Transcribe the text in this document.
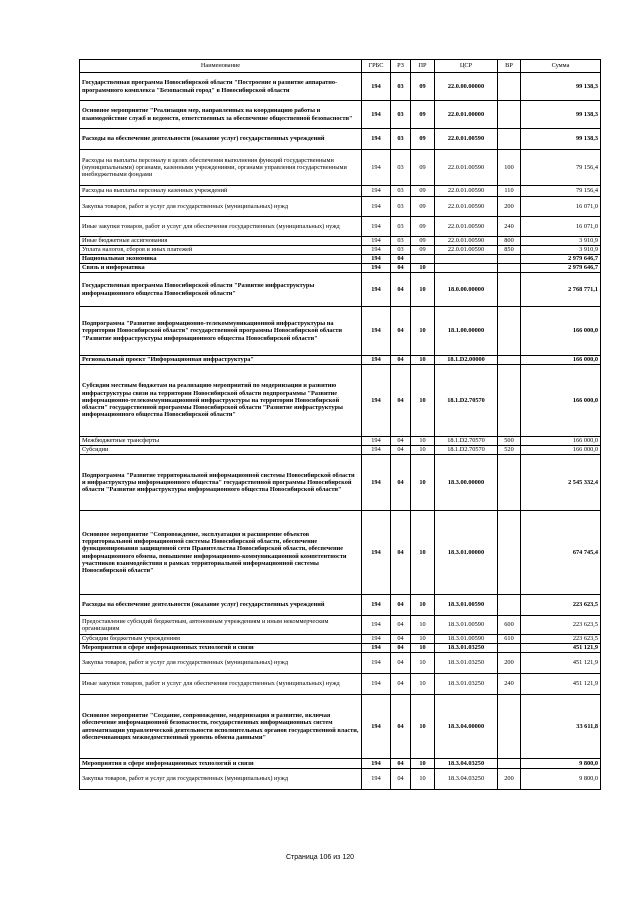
Наименование	ГРБС	РЗ	ПР	ЦСР	ВР	Сумма
Государственная программа Новосибирской области "Построение и развитие аппаратно-программного комплекса "Безопасный город" в Новосибирской области	194	03	09	22.0.00.00000		99 138,3
Основное мероприятие "Реализация мер, направленных на координацию работы и взаимодействие служб и ведомств, ответственных за обеспечение общественной безопасности"	194	03	09	22.0.01.00000		99 138,3
Расходы на обеспечение деятельности (оказание услуг) государственных учреждений	194	03	09	22.0.01.00590		99 138,3
Расходы на выплаты персоналу в целях обеспечения выполнения функций государственными (муниципальными) органами, казенными учреждениями, органами управления государственными внебюджетными фондами	194	03	09	22.0.01.00590	100	79 156,4
Расходы на выплаты персоналу казенных учреждений	194	03	09	22.0.01.00590	110	79 156,4
Закупка товаров, работ и услуг для государственных (муниципальных) нужд	194	03	09	22.0.01.00590	200	16 071,0
Иные закупки товаров, работ и услуг для обеспечения государственных (муниципальных) нужд	194	03	09	22.0.01.00590	240	16 071,0
Иные бюджетные ассигнования	194	03	09	22.0.01.00590	800	3 910,9
Уплата налогов, сборов и иных платежей	194	03	09	22.0.01.00590	850	3 910,9
Национальная экономика	194	04				2 979 646,7
Связь и информатика	194	04	10			2 979 646,7
Государственная программа Новосибирской области "Развитие инфраструктуры информационного общества Новосибирской области"	194	04	10	18.0.00.00000		2 768 771,1
Подпрограмма "Развитие информационно-телекоммуникационной инфраструктуры на территории Новосибирской области" государственной программы Новосибирской области "Развитие инфраструктуры информационного общества Новосибирской области"	194	04	10	18.1.00.00000		166 000,0
Региональный проект "Информационная инфраструктура"	194	04	10	18.1.D2.00000		166 000,0
Субсидии местным бюджетам на реализацию мероприятий по модернизации и развитию инфраструктуры связи на территории Новосибирской области подпрограммы "Развитие информационно-телекоммуникационной инфраструктуры на территории Новосибирской области" государственной программы Новосибирской области "Развитие инфраструктуры информационного общества Новосибирской области"	194	04	10	18.1.D2.70570		166 000,0
Межбюджетные трансферты	194	04	10	18.1.D2.70570	500	166 000,0
Субсидии	194	04	10	18.1.D2.70570	520	166 000,0
Подпрограмма "Развитие территориальной информационной системы Новосибирской области и инфраструктуры информационного общества" государственной программы Новосибирской области "Развитие инфраструктуры информационного общества Новосибирской области"	194	04	10	18.3.00.00000		2 545 332,4
Основное мероприятие "Сопровождение, эксплуатация и расширение объектов территориальной информационной системы Новосибирской области, обеспечение функционирования защищенной сети Правительства Новосибирской области, обеспечение информационного обмена, повышение информационно-коммуникационной компетентности участников взаимодействия в рамках территориальной информационной системы Новосибирской области"	194	04	10	18.3.01.00000		674 745,4
Расходы на обеспечение деятельности (оказание услуг) государственных учреждений	194	04	10	18.3.01.00590		223 623,5
Предоставление субсидий бюджетным, автономным учреждениям и иным некоммерческим организациям	194	04	10	18.3.01.00590	600	223 623,5
Субсидии бюджетным учреждениям	194	04	10	18.3.01.00590	610	223 623,5
Мероприятия в сфере информационных технологий и связи	194	04	10	18.3.01.03250		451 121,9
Закупка товаров, работ и услуг для государственных (муниципальных) нужд	194	04	10	18.3.01.03250	200	451 121,9
Иные закупки товаров, работ и услуг для обеспечения государственных (муниципальных) нужд	194	04	10	18.3.01.03250	240	451 121,9
Основное мероприятие "Создание, сопровождение, модернизация и развитие, включая обеспечение информационной безопасности, государственных информационных систем автоматизации управленческой деятельности исполнительных органов государственной власти, обеспечивающих межведомственный уровень обмена данными"	194	04	10	18.3.04.00000		33 611,8
Мероприятия в сфере информационных технологий и связи	194	04	10	18.3.04.03250		9 800,0
Закупка товаров, работ и услуг для государственных (муниципальных) нужд	194	04	10	18.3.04.03250	200	9 800,0
Страница 106 из 120
